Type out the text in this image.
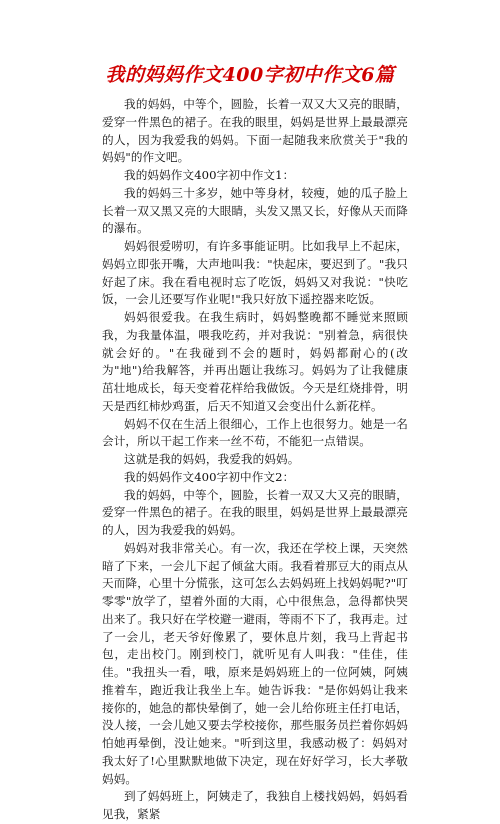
我的妈妈作文400字初中作文6篇

我的妈妈，中等个，圆脸，长着一双又大又亮的眼睛，爱穿一件黑色的裙子。在我的眼里，妈妈是世界上最最漂亮的人，因为我爱我的妈妈。下面一起随我来欣赏关于"我的妈妈"的作文吧。

我的妈妈作文400字初中作文1：

我的妈妈三十多岁，她中等身材，较瘦，她的瓜子脸上长着一双又黑又亮的大眼睛，头发又黑又长，好像从天而降的瀑布。

妈妈很爱唠叨，有许多事能证明。比如我早上不起床，妈妈立即张开嘴，大声地叫我："快起床，要迟到了。"我只好起了床。我在看电视时忘了吃饭，妈妈又对我说："快吃饭，一会儿还要写作业呢!"我只好放下遥控器来吃饭。

妈妈很爱我。在我生病时，妈妈整晚都不睡觉来照顾我，为我量体温，喂我吃药，并对我说："别着急，病很快就会好的。"在我碰到不会的题时，妈妈都耐心的(改为"地")给我解答，并再出题让我练习。妈妈为了让我健康茁壮地成长，每天变着花样给我做饭。今天是红烧排骨，明天是西红柿炒鸡蛋，后天不知道又会变出什么新花样。

妈妈不仅在生活上很细心，工作上也很努力。她是一名会计，所以干起工作来一丝不苟，不能犯一点错误。

这就是我的妈妈，我爱我的妈妈。

我的妈妈作文400字初中作文2：

我的妈妈，中等个，圆脸，长着一双又大又亮的眼睛，爱穿一件黑色的裙子。在我的眼里，妈妈是世界上最最漂亮的人，因为我爱我的妈妈。

妈妈对我非常关心。有一次，我还在学校上课，天突然暗了下来，一会儿下起了倾盆大雨。我看着那豆大的雨点从天而降，心里十分慌张，这可怎么去妈妈班上找妈妈呢?"叮零零"放学了，望着外面的大雨，心中很焦急，急得都快哭出来了。我只好在学校避一避雨，等雨不下了，我再走。过了一会儿，老天爷好像累了，要休息片刻，我马上背起书包，走出校门。刚到校门，就听见有人叫我："佳佳，佳佳。"我扭头一看，哦，原来是妈妈班上的一位阿姨，阿姨推着车，跑近我让我坐上车。她告诉我："是你妈妈让我来接你的，她急的都快晕倒了，她一会儿给你班主任打电话，没人接，一会儿她又要去学校接你，那些服务员拦着你妈妈怕她再晕倒，没让她来。"听到这里，我感动极了：妈妈对我太好了!心里默默地做下决定，现在好好学习，长大孝敬妈妈。

到了妈妈班上，阿姨走了，我独自上楼找妈妈，妈妈看见我，紧紧
